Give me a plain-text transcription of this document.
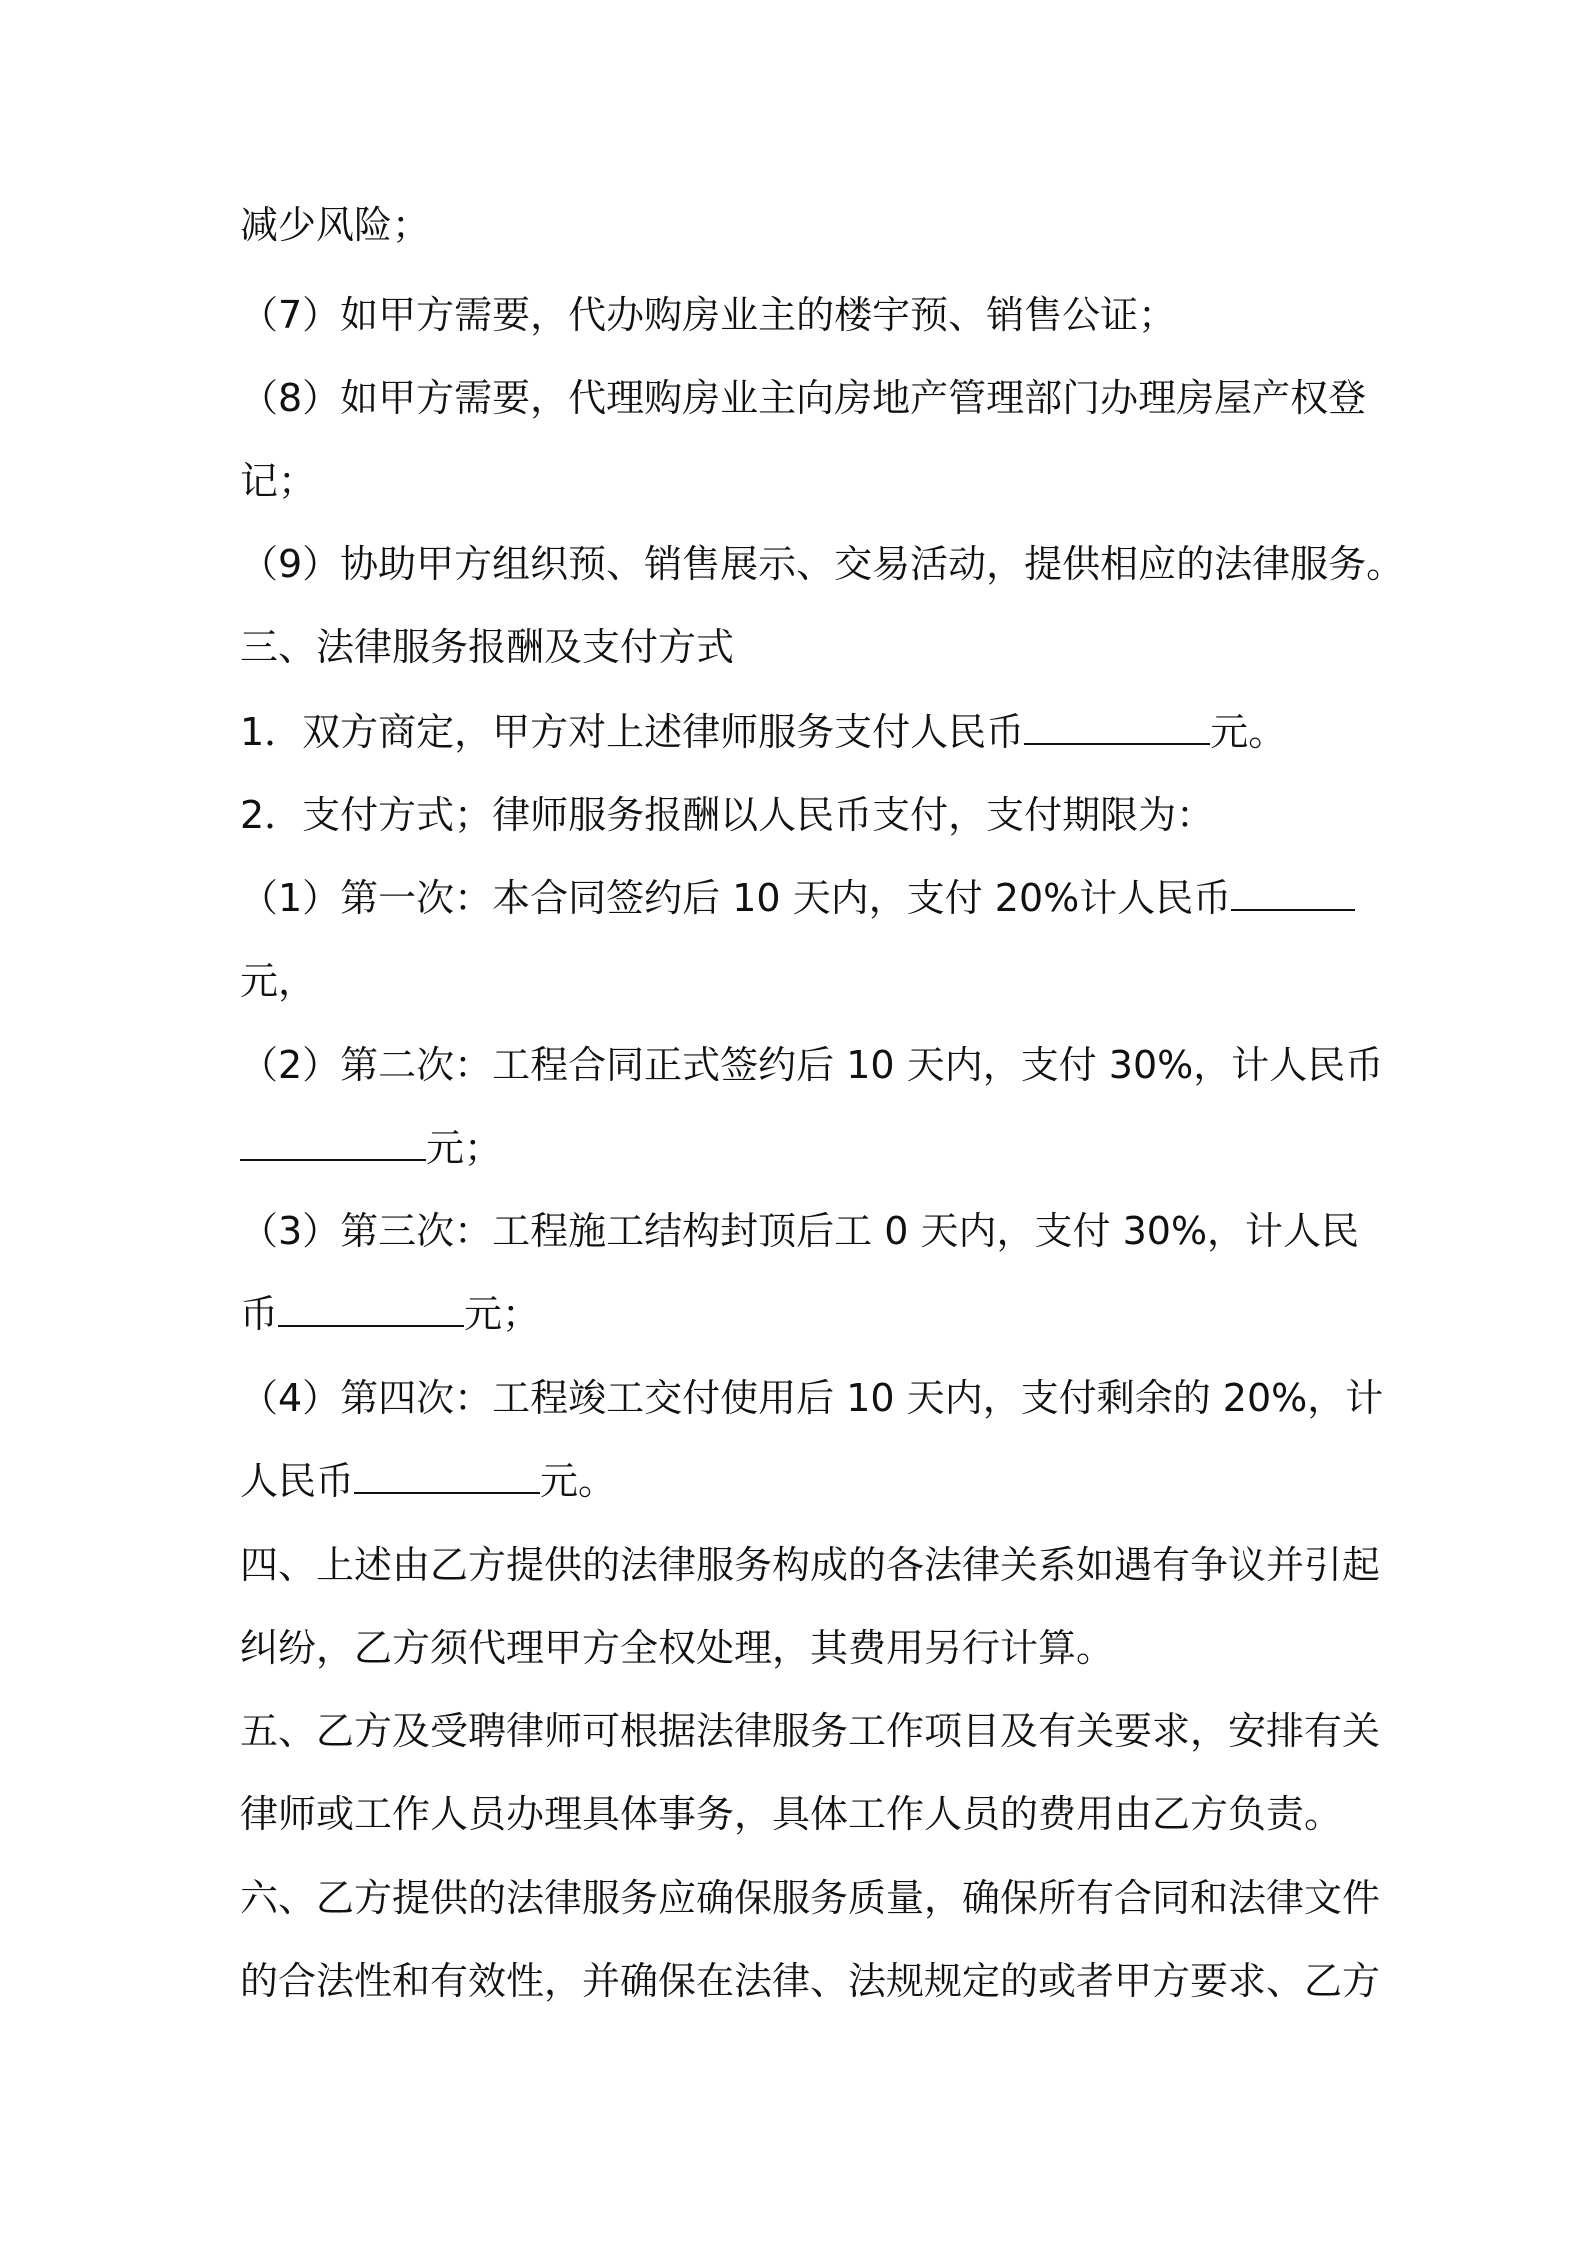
减少风险；
（7）如甲方需要，代办购房业主的楼宇预、销售公证；
（8）如甲方需要，代理购房业主向房地产管理部门办理房屋产权登
记；
（9）协助甲方组织预、销售展示、交易活动，提供相应的法律服务。
三、法律服务报酬及支付方式
1．双方商定，甲方对上述律师服务支付人民币	元。
2．支付方式；律师服务报酬以人民币支付，支付期限为：
（1）第一次：本合同签约后 10 天内，支付 20%计人民币
元，
（2）第二次：工程合同正式签约后 10 天内，支付 30%，计人民币
元；
（3）第三次：工程施工结构封顶后工 0 天内，支付 30%，计人民
币	元；
（4）第四次：工程竣工交付使用后 10 天内，支付剩余的 20%，计
人民币	元。
四、上述由乙方提供的法律服务构成的各法律关系如遇有争议并引起
纠纷，乙方须代理甲方全权处理，其费用另行计算。
五、乙方及受聘律师可根据法律服务工作项目及有关要求，安排有关
律师或工作人员办理具体事务，具体工作人员的费用由乙方负责。
六、乙方提供的法律服务应确保服务质量，确保所有合同和法律文件
的合法性和有效性，并确保在法律、法规规定的或者甲方要求、乙方
